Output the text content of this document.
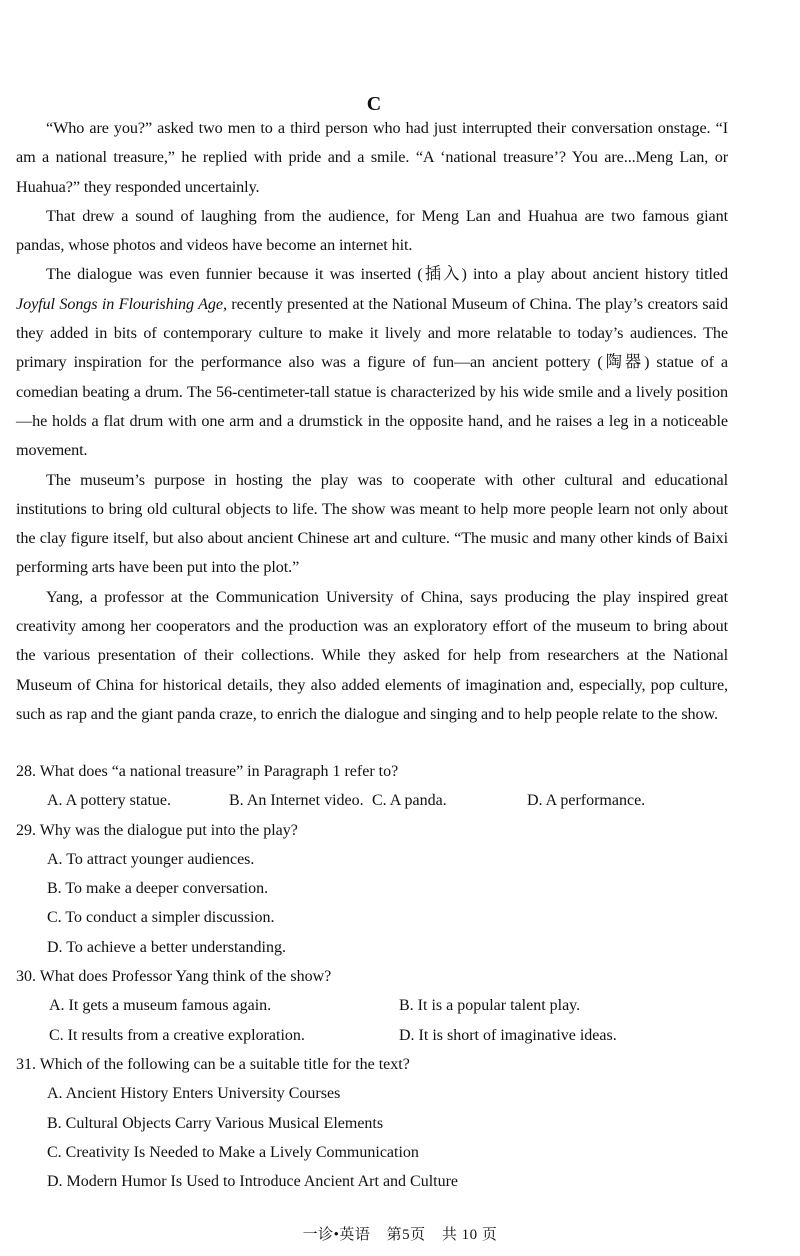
C

“Who are you?” asked two men to a third person who had just interrupted their conversation onstage. “I am a national treasure,” he replied with pride and a smile. “A ‘national treasure’? You are...Meng Lan, or Huahua?” they responded uncertainly.

That drew a sound of laughing from the audience, for Meng Lan and Huahua are two famous giant pandas, whose photos and videos have become an internet hit.

The dialogue was even funnier because it was inserted (插入) into a play about ancient history titled Joyful Songs in Flourishing Age, recently presented at the National Museum of China. The play’s creators said they added in bits of contemporary culture to make it lively and more relatable to today’s audiences. The primary inspiration for the performance also was a figure of fun—an ancient pottery (陶器) statue of a comedian beating a drum. The 56-centimeter-tall statue is characterized by his wide smile and a lively position—he holds a flat drum with one arm and a drumstick in the opposite hand, and he raises a leg in a noticeable movement.

The museum’s purpose in hosting the play was to cooperate with other cultural and educational institutions to bring old cultural objects to life. The show was meant to help more people learn not only about the clay figure itself, but also about ancient Chinese art and culture. “The music and many other kinds of Baixi performing arts have been put into the plot.”

Yang, a professor at the Communication University of China, says producing the play inspired great creativity among her cooperators and the production was an exploratory effort of the museum to bring about the various presentation of their collections. While they asked for help from researchers at the National Museum of China for historical details, they also added elements of imagination and, especially, pop culture, such as rap and the giant panda craze, to enrich the dialogue and singing and to help people relate to the show.

28. What does “a national treasure” in Paragraph 1 refer to?

A. A pottery statue.	B. An Internet video. C. A panda.	D. A performance.

29. Why was the dialogue put into the play?

A. To attract younger audiences.

B. To make a deeper conversation.

C. To conduct a simpler discussion.

D. To achieve a better understanding.

30. What does Professor Yang think of the show?

A. It gets a museum famous again.	B. It is a popular talent play.

C. It results from a creative exploration.	D. It is short of imaginative ideas.

31. Which of the following can be a suitable title for the text?

A. Ancient History Enters University Courses

B. Cultural Objects Carry Various Musical Elements

C. Creativity Is Needed to Make a Lively Communication

D. Modern Humor Is Used to Introduce Ancient Art and Culture

一诊•英语 第5页 共 10 页
